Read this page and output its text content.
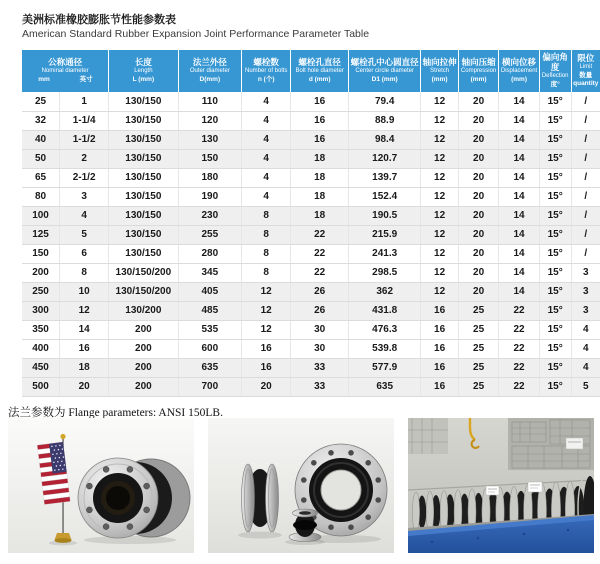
美洲标准橡胶膨胀节性能参数表
American Standard Rubber Expansion Joint Performance Parameter Table
公称通径
Nominal diameter
mm	英寸

长度
Length
L (mm)

法兰外径
Outer diameter
D(mm)

螺栓数
Number of bolts
n (个)

螺栓孔直径
Bolt hole diameter
d (mm)

螺栓孔中心圆直径
Center circle diameter
D1 (mm)

轴向拉伸
Stretch
(mm)

轴向压缩
Compression
(mm)

横向位移
Displacement
(mm)

偏向角度
Deflection
度°

限位
Limit
数量 quantity

25	1	130/150	110	4	16	79.4	12	20	14	15°	/
32	1-1/4	130/150	120	4	16	88.9	12	20	14	15°	/
40	1-1/2	130/150	130	4	16	98.4	12	20	14	15°	/
50	2	130/150	150	4	18	120.7	12	20	14	15°	/
65	2-1/2	130/150	180	4	18	139.7	12	20	14	15°	/
80	3	130/150	190	4	18	152.4	12	20	14	15°	/
100	4	130/150	230	8	18	190.5	12	20	14	15°	/
125	5	130/150	255	8	22	215.9	12	20	14	15°	/
150	6	130/150	280	8	22	241.3	12	20	14	15°	/
200	8	130/150/200	345	8	22	298.5	12	20	14	15°	3
250	10	130/150/200	405	12	26	362	12	20	14	15°	3
300	12	130/200	485	12	26	431.8	16	25	22	15°	3
350	14	200	535	12	30	476.3	16	25	22	15°	4
400	16	200	600	16	30	539.8	16	25	22	15°	4
450	18	200	635	16	33	577.9	16	25	22	15°	4
500	20	200	700	20	33	635	16	25	22	15°	5
法兰参数为 Flange parameters: ANSI 150LB.
